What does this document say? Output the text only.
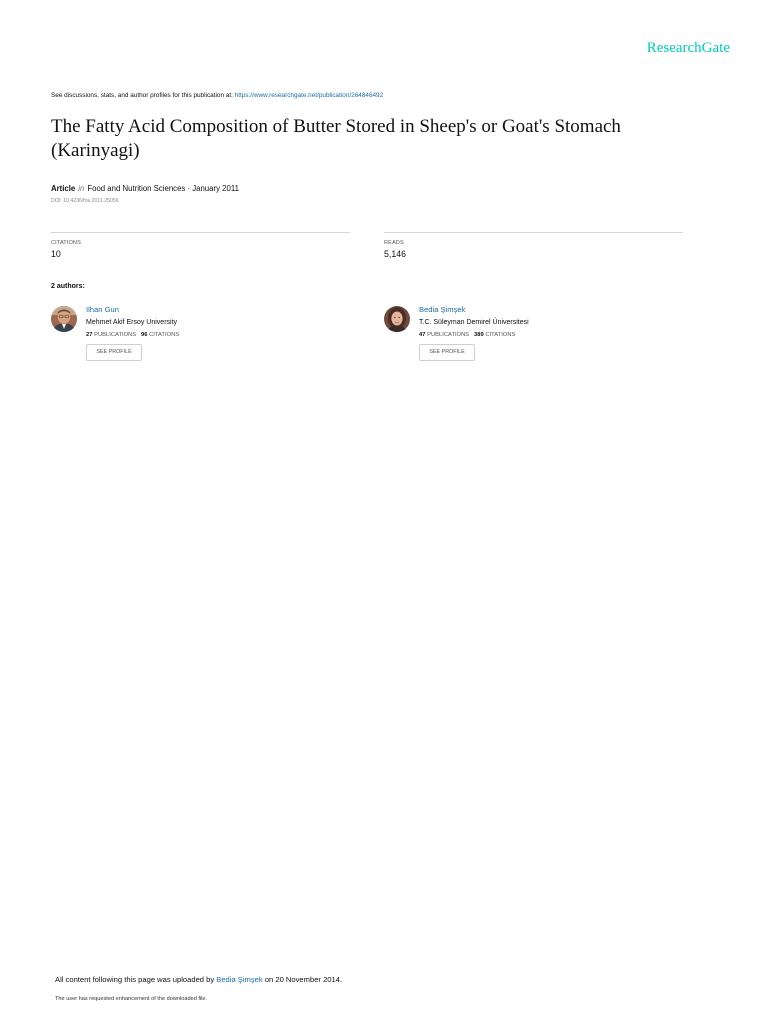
ResearchGate
See discussions, stats, and author profiles for this publication at: https://www.researchgate.net/publication/264846492
The Fatty Acid Composition of Butter Stored in Sheep's or Goat's Stomach (Karinyagi)
Article in Food and Nutrition Sciences · January 2011
DOI: 10.4236/fns.2011.25056
CITATIONS
10
READS
5,146
2 authors:
Ilhan Gun
Mehmet Akif Ersoy University
27 PUBLICATIONS 96 CITATIONS
SEE PROFILE
Bedia Şimşek
T.C. Süleyman Demirel Üniversitesi
47 PUBLICATIONS 389 CITATIONS
SEE PROFILE
All content following this page was uploaded by Bedia Şimşek on 20 November 2014.
The user has requested enhancement of the downloaded file.
